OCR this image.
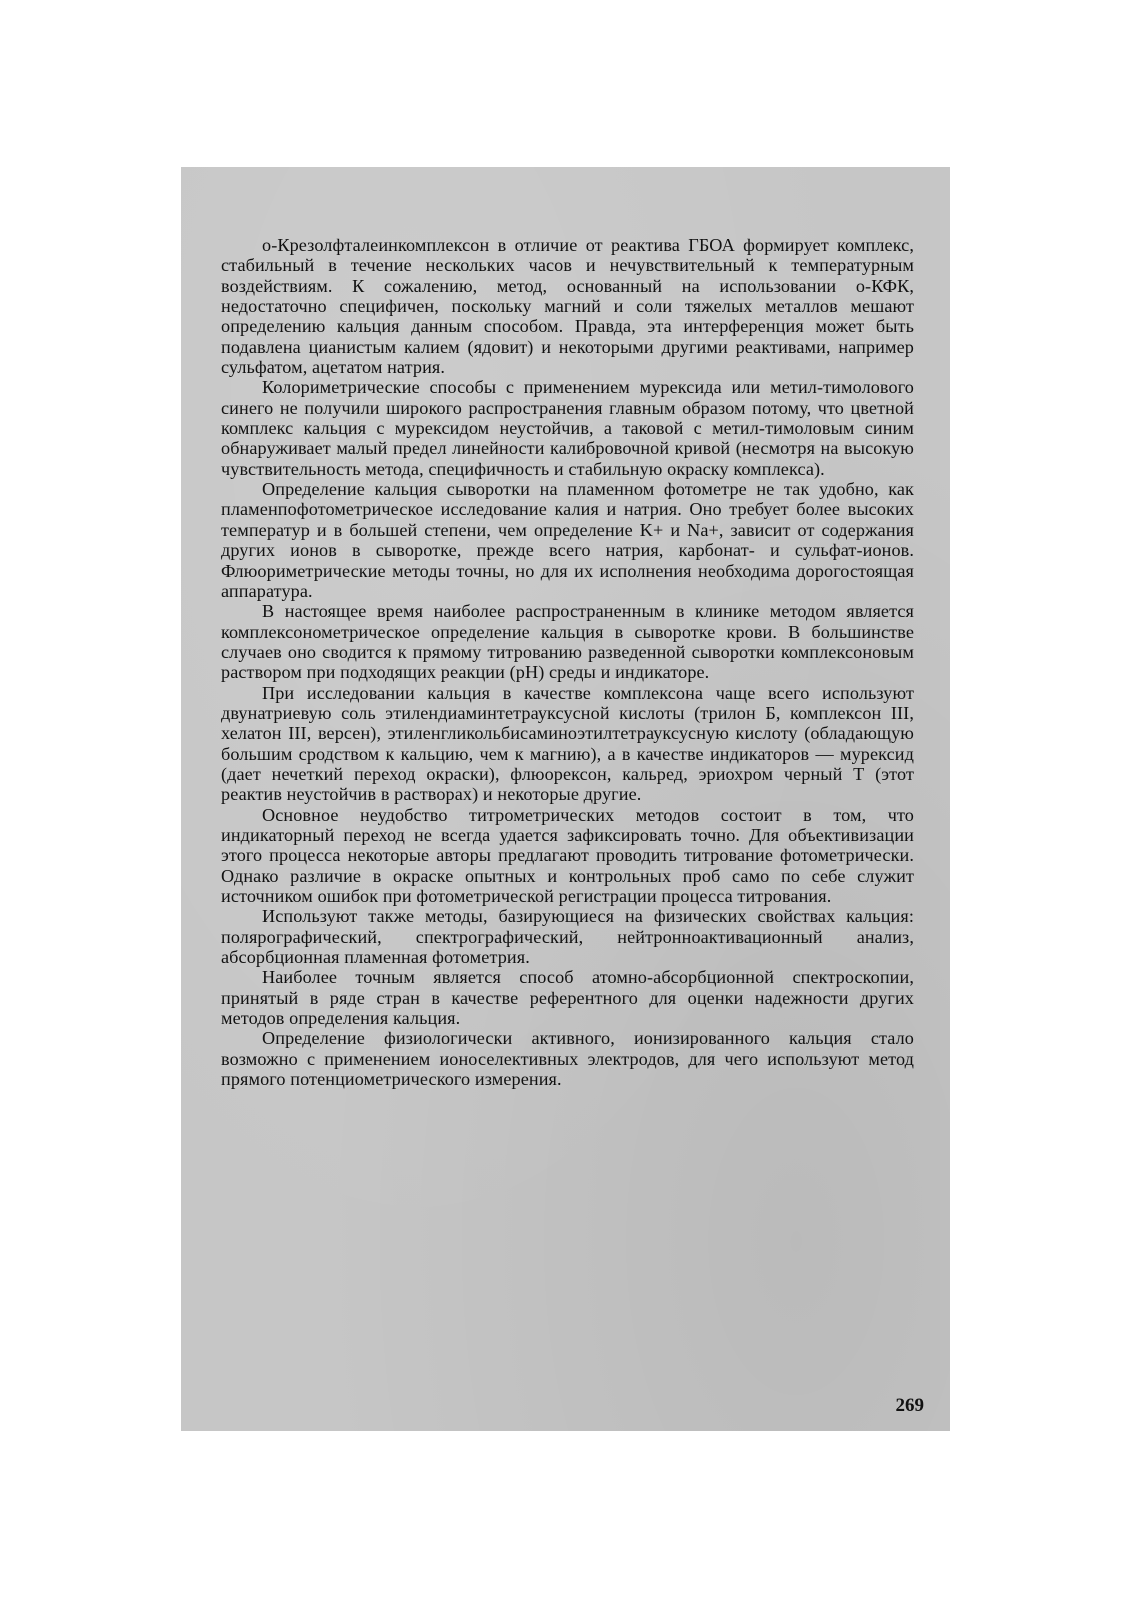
о-Крезолфталеинкомплексон в отличие от реактива ГБОА формирует комплекс, стабильный в течение нескольких часов и нечувствительный к температурным воздействиям. К сожалению, метод, основанный на использовании о-КФК, недостаточно специфичен, поскольку магний и соли тяжелых металлов мешают определению кальция данным способом. Правда, эта интерференция может быть подавлена цианистым калием (ядовит) и некоторыми другими реактивами, например сульфатом, ацетатом натрия.

Колориметрические способы с применением мурексида или метил-тимолового синего не получили широкого распространения главным образом потому, что цветной комплекс кальция с мурексидом неустойчив, а таковой с метил-тимоловым синим обнаруживает малый предел линейности калибровочной кривой (несмотря на высокую чувствительность метода, специфичность и стабильную окраску комплекса).

Определение кальция сыворотки на пламенном фотометре не так удобно, как пламенпофотометрическое исследование калия и натрия. Оно требует более высоких температур и в большей степени, чем определение K+ и Na+, зависит от содержания других ионов в сыворотке, прежде всего натрия, карбонат- и сульфат-ионов. Флюориметрические методы точны, но для их исполнения необходима дорогостоящая аппаратура.

В настоящее время наиболее распространенным в клинике методом является комплексонометрическое определение кальция в сыворотке крови. В большинстве случаев оно сводится к прямому титрованию разведенной сыворотки комплексоновым раствором при подходящих реакции (pH) среды и индикаторе.

При исследовании кальция в качестве комплексона чаще всего используют двунатриевую соль этилендиаминтетрауксусной кислоты (трилон Б, комплексон III, хелатон III, версен), этиленгликольбисаминоэтилтетрауксусную кислоту (обладающую большим сродством к кальцию, чем к магнию), а в качестве индикаторов — мурексид (дает нечеткий переход окраски), флюорексон, кальред, эриохром черный Т (этот реактив неустойчив в растворах) и некоторые другие.

Основное неудобство титрометрических методов состоит в том, что индикаторный переход не всегда удается зафиксировать точно. Для объективизации этого процесса некоторые авторы предлагают проводить титрование фотометрически. Однако различие в окраске опытных и контрольных проб само по себе служит источником ошибок при фотометрической регистрации процесса титрования.

Используют также методы, базирующиеся на физических свойствах кальция: полярографический, спектрографический, нейтронноактивационный анализ, абсорбционная пламенная фотометрия.

Наиболее точным является способ атомно-абсорбционной спектроскопии, принятый в ряде стран в качестве референтного для оценки надежности других методов определения кальция.

Определение физиологически активного, ионизированного кальция стало возможно с применением ионоселективных электродов, для чего используют метод прямого потенциометрического измерения.

269
